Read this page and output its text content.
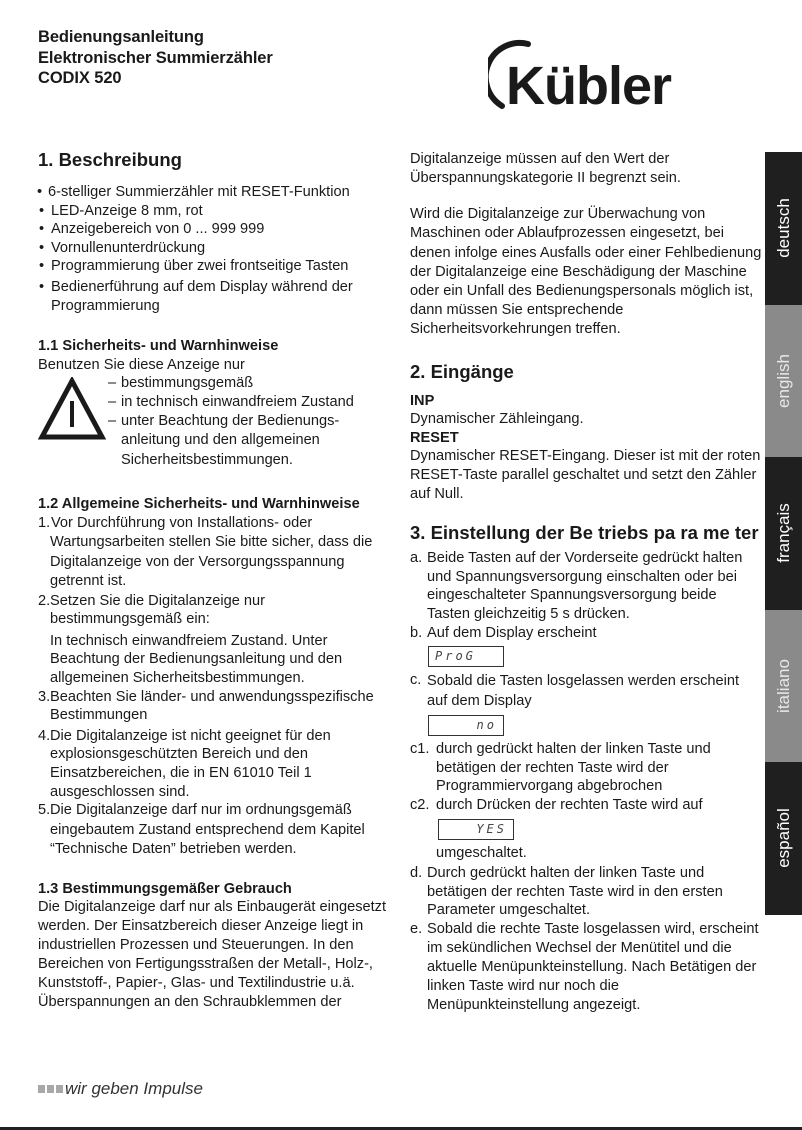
Bedienungsanleitung
Elektronischer Summierzähler
CODIX 520	Kübler
1. Beschreibung
• 6-stelliger Summierzähler mit RESET-Funktion
• LED-Anzeige 8 mm, rot
• Anzeigebereich von 0 ... 999 999
• Vornullenunterdrückung
• Programmierung über zwei frontseitige Tasten
• Bedienerführung auf dem Display während der Programmierung
1.1 Sicherheits- und Warnhinweise
Benutzen Sie diese Anzeige nur
– bestimmungsgemäß
– in technisch einwandfreiem Zustand
– unter Beachtung der Bedienungs-anleitung und den allgemeinen Sicherheitsbestimmungen.
1.2 Allgemeine Sicherheits- und Warnhinweise
1. Vor Durchführung von Installations- oder Wartungsarbeiten stellen Sie bitte sicher, dass die Digitalanzeige von der Versorgungsspannung getrennt ist.
2. Setzen Sie die Digitalanzeige nur bestimmungsgemäß ein:
In technisch einwandfreiem Zustand. Unter Beachtung der Bedienungsanleitung und den allgemeinen Sicherheitsbestimmungen.
3. Beachten Sie länder- und anwendungsspezifische Bestimmungen
4. Die Digitalanzeige ist nicht geeignet für den explosionsgeschützten Bereich und den Einsatzbereichen, die in EN 61010 Teil 1 ausgeschlossen sind.
5. Die Digitalanzeige darf nur im ordnungsgemäß eingebautem Zustand entsprechend dem Kapitel “Technische Daten” betrieben werden.
1.3 Bestimmungsgemäßer Gebrauch

Die Digitalanzeige darf nur als Einbaugerät eingesetzt werden. Der Einsatzbereich dieser Anzeige liegt in industriellen Prozessen und Steuerungen. In den Bereichen von Fertigungsstraßen der Metall-, Holz-, Kunststoff-, Papier-, Glas- und Textilindustrie u.ä.

Überspannungen an den Schraubklemmen der

Digitalanzeige müssen auf den Wert der Überspannungskategorie II begrenzt sein.

Wird die Digitalanzeige zur Überwachung von Maschinen oder Ablaufprozessen eingesetzt, bei denen infolge eines Ausfalls oder einer Fehlbedienung der Digitalanzeige eine Beschädigung der Maschine oder ein Unfall des Bedienungspersonals möglich ist, dann müssen Sie entsprechende Sicherheitsvorkehrungen treffen.

2. Eingänge
INP
Dynamischer Zähleingang.
RESET
Dynamischer RESET-Eingang. Dieser ist mit der roten RESET-Taste parallel geschaltet und setzt den Zähler auf Null.
3. Einstellung der Be triebs pa ra me ter
a. Beide Tasten auf der Vorderseite gedrückt halten und Spannungsversorgung einschalten oder bei eingeschalteter Spannungsversorgung beide Tasten gleichzeitig 5 s drücken.
b. Auf dem Display erscheint
ProG
c. Sobald die Tasten losgelassen werden erscheint auf dem Display
no
c1. durch gedrückt halten der linken Taste und betätigen der rechten Taste wird der Programmiervorgang abgebrochen
c2. durch Drücken der rechten Taste wird auf
YES
umgeschaltet.
d. Durch gedrückt halten der linken Taste und betätigen der rechten Taste wird in den ersten Parameter umgeschaltet.
e. Sobald die rechte Taste losgelassen wird, erscheint im sekündlichen Wechsel der Menütitel und die aktuelle Menüpunkteinstellung. Nach Betätigen der linken Taste wird nur noch die Menüpunkteinstellung angezeigt.
deutsch
english
français
italiano
español
wir geben Impulse
